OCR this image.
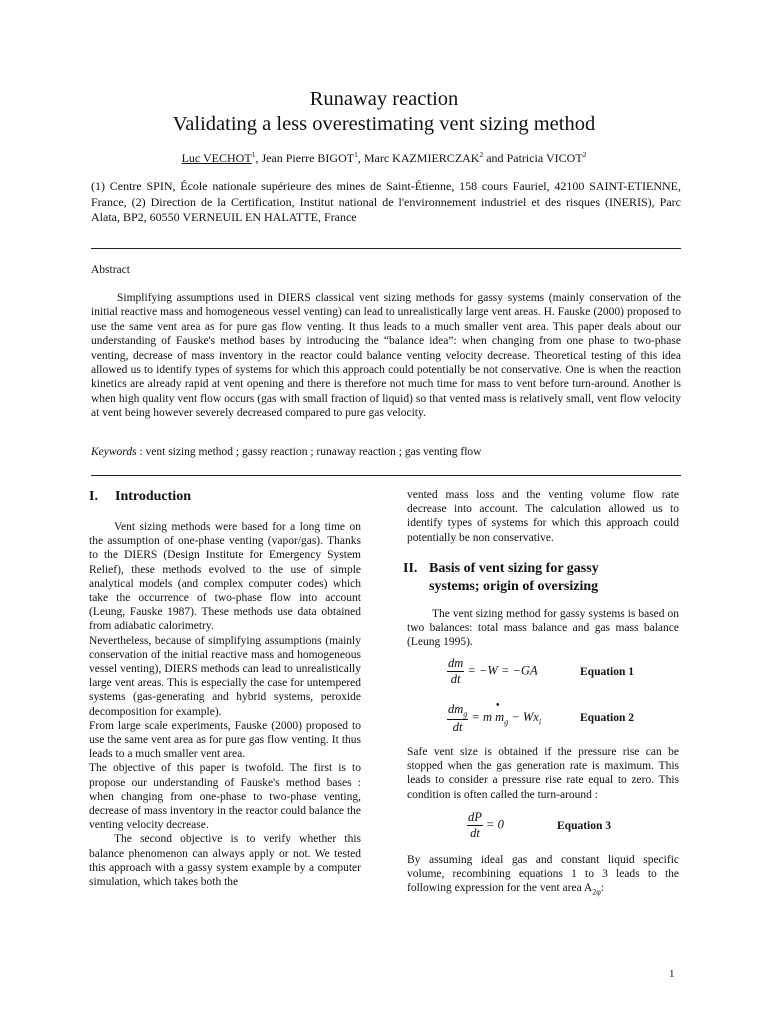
Runaway reaction
Validating a less overestimating vent sizing method
Luc VECHOT$^1$, Jean Pierre BIGOT$^1$, Marc KAZMIERCZAK$^2$ and Patricia VICOT$^2$
(1) Centre SPIN, École nationale supérieure des mines de Saint-Étienne, 158 cours Fauriel, 42100 SAINT-ETIENNE, France, (2) Direction de la Certification, Institut national de l'environnement industriel et des risques (INERIS), Parc Alata, BP2, 60550 VERNEUIL EN HALATTE, France
Abstract

Simplifying assumptions used in DIERS classical vent sizing methods for gassy systems (mainly conservation of the initial reactive mass and homogeneous vessel venting) can lead to unrealistically large vent areas. H. Fauske (2000) proposed to use the same vent area as for pure gas flow venting. It thus leads to a much smaller vent area. This paper deals about our understanding of Fauske's method bases by introducing the “balance idea”: when changing from one phase to two-phase venting, decrease of mass inventory in the reactor could balance venting velocity decrease. Theoretical testing of this idea allowed us to identify types of systems for which this approach could potentially be not conservative. One is when the reaction kinetics are already rapid at vent opening and there is therefore not much time for mass to vent before turn-around. Another is when high quality vent flow occurs (gas with small fraction of liquid) so that vented mass is relatively small, vent flow velocity at vent being however severely decreased compared to pure gas velocity.

Keywords : vent sizing method ; gassy reaction ; runaway reaction ; gas venting flow
I. Introduction

Vent sizing methods were based for a long time on the assumption of one-phase venting (vapor/gas). Thanks to the DIERS (Design Institute for Emergency System Relief), these methods evolved to the use of simple analytical models (and complex computer codes) which take the occurrence of two-phase flow into account (Leung, Fauske 1987). These methods use data obtained from adiabatic calorimetry.

Nevertheless, because of simplifying assumptions (mainly conservation of the initial reactive mass and homogeneous vessel venting), DIERS methods can lead to unrealistically large vent areas. This is especially the case for untempered systems (gas-generating and hybrid systems, peroxide decomposition for example).

From large scale experiments, Fauske (2000) proposed to use the same vent area as for pure gas flow venting. It thus leads to a much smaller vent area.

The objective of this paper is twofold. The first is to propose our understanding of Fauske's method bases : when changing from one-phase to two-phase venting, decrease of mass inventory in the reactor could balance the venting velocity decrease.

The second objective is to verify whether this balance phenomenon can always apply or not. We tested this approach with a gassy system example by a computer simulation, which takes both the

vented mass loss and the venting volume flow rate decrease into account. The calculation allowed us to identify types of systems for which this approach could potentially be non conservative.
II. Basis of vent sizing for gassy
systems; origin of oversizing

The vent sizing method for gassy systems is based on two balances: total mass balance and gas mass balance (Leung 1995).

$\frac{dm}{dt} = -W = -GA$	Equation 1
$\frac{dm_g}{dt} = m$ $m_g - Wx_i$
•
Equation 2

Safe vent size is obtained if the pressure rise can be stopped when the gas generation rate is maximum. This leads to consider a pressure rise rate equal to zero. This condition is often called the turn-around :

$\frac{dP}{dt} = 0$	Equation 3

By assuming ideal gas and constant liquid specific volume, recombining equations 1 to 3 leads to the following expression for the vent area $A_{2\varphi}$:

1
